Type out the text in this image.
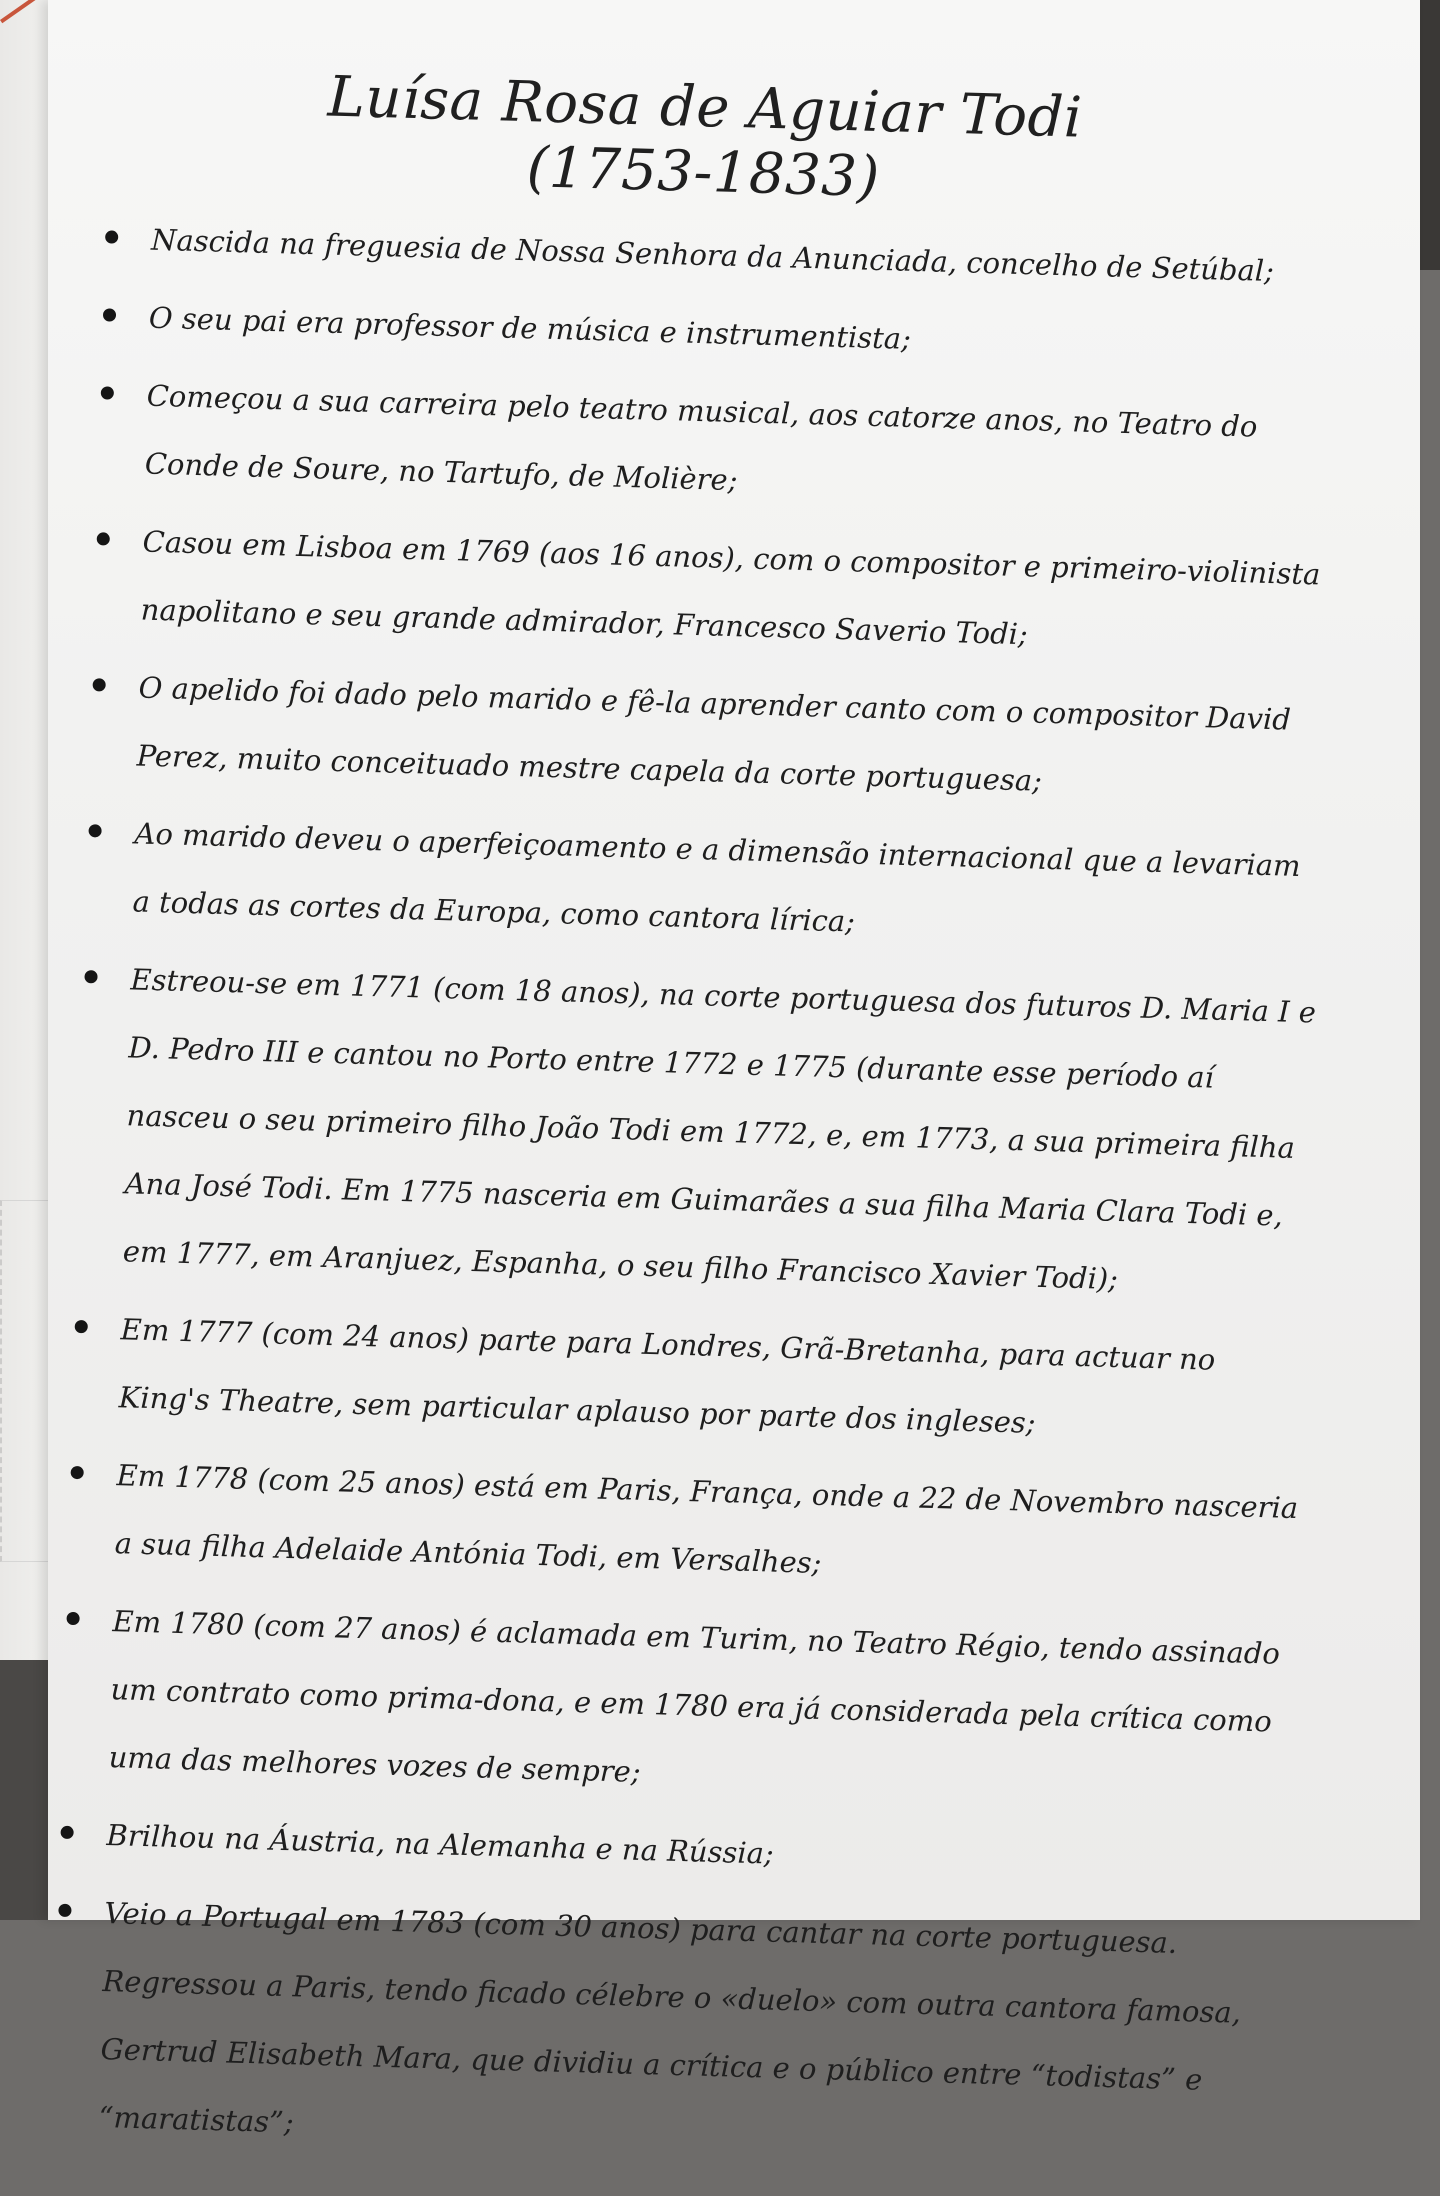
Luísa Rosa de Aguiar Todi (1753-1833)
Nascida na freguesia de Nossa Senhora da Anunciada, concelho de Setúbal;
O seu pai era professor de música e instrumentista;
Começou a sua carreira pelo teatro musical, aos catorze anos, no Teatro do Conde de Soure, no Tartufo, de Molière;
Casou em Lisboa em 1769 (aos 16 anos), com o compositor e primeiro-violinista napolitano e seu grande admirador, Francesco Saverio Todi;
O apelido foi dado pelo marido e fê-la aprender canto com o compositor David Perez, muito conceituado mestre capela da corte portuguesa;
Ao marido deveu o aperfeiçoamento e a dimensão internacional que a levariam a todas as cortes da Europa, como cantora lírica;
Estreou-se em 1771 (com 18 anos), na corte portuguesa dos futuros D. Maria I e D. Pedro III e cantou no Porto entre 1772 e 1775 (durante esse período aí nasceu o seu primeiro filho João Todi em 1772, e, em 1773, a sua primeira filha Ana José Todi. Em 1775 nasceria em Guimarães a sua filha Maria Clara Todi e, em 1777, em Aranjuez, Espanha, o seu filho Francisco Xavier Todi);
Em 1777 (com 24 anos) parte para Londres, Grã-Bretanha, para actuar no King's Theatre, sem particular aplauso por parte dos ingleses;
Em 1778 (com 25 anos) está em Paris, França, onde a 22 de Novembro nasceria a sua filha Adelaide Antónia Todi, em Versalhes;
Em 1780 (com 27 anos) é aclamada em Turim, no Teatro Régio, tendo assinado um contrato como prima-dona, e em 1780 era já considerada pela crítica como uma das melhores vozes de sempre;
Brilhou na Áustria, na Alemanha e na Rússia;
Veio a Portugal em 1783 (com 30 anos) para cantar na corte portuguesa. Regressou a Paris, tendo ficado célebre o «duelo» com outra cantora famosa, Gertrud Elisabeth Mara, que dividiu a crítica e o público entre “todistas” e “maratistas”;
